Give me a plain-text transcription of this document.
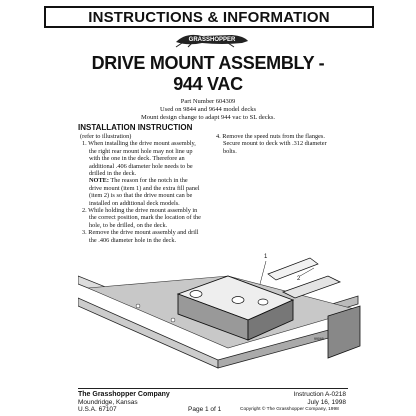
INSTRUCTIONS & INFORMATION
GRASSHOPPER
DRIVE MOUNT ASSEMBLY -
944 VAC
Part Number 604309
Used on 9844 and 9644 model decks
Mount design change to adapt 944 vac to SL decks.
INSTALLATION INSTRUCTION

(refer to illustration)

1. When installing the drive mount assembly, the right rear mount hole may not line up with the one in the deck. Therefore an additional .406 diameter hole needs to be drilled in the deck.

NOTE: The reason for the notch in the drive mount (item 1) and the extra fill panel (item 2) is so that the drive mount can be installed on additional deck models.

2. While holding the drive mount assembly in the correct position, mark the location of the hole, to be drilled, on the deck.

3. Remove the drive mount assembly and drill the .406 diameter hole in the deck.

4. Remove the speed nuts from the flanges. Secure mount to deck with .312 diameter bolts.

1
2
99069
The Grasshopper Company
Moundridge, Kansas
U.S.A. 67107	Page 1 of 1
Instruction A-0218
July 16, 1998
Copyright © The Grasshopper Company, 1998
